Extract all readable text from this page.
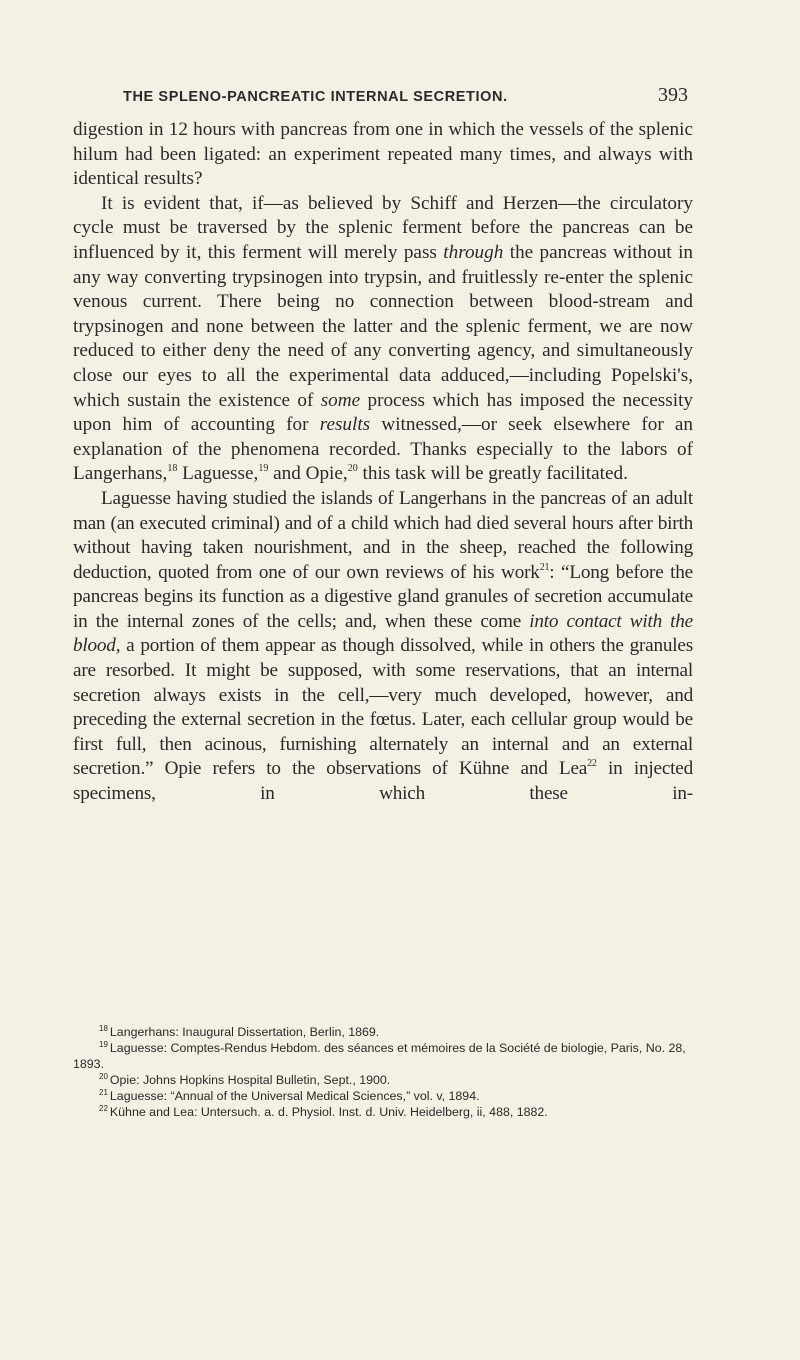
THE SPLENO-PANCREATIC INTERNAL SECRETION.	393

digestion in 12 hours with pancreas from one in which the vessels of the splenic hilum had been ligated: an experiment repeated many times, and always with identical results?

It is evident that, if—as believed by Schiff and Herzen—the circulatory cycle must be traversed by the splenic ferment before the pancreas can be influenced by it, this ferment will merely pass through the pancreas without in any way converting trypsinogen into trypsin, and fruitlessly re-enter the splenic venous current. There being no connection between blood-stream and trypsinogen and none between the latter and the splenic ferment, we are now reduced to either deny the need of any converting agency, and simultaneously close our eyes to all the experimental data adduced,—including Popelski's, which sustain the existence of some process which has imposed the necessity upon him of accounting for results witnessed,—or seek elsewhere for an explanation of the phenomena recorded. Thanks especially to the labors of Langerhans,$^{18}$ Laguesse,$^{19}$ and Opie,$^{20}$ this task will be greatly facilitated.

Laguesse having studied the islands of Langerhans in the pancreas of an adult man (an executed criminal) and of a child which had died several hours after birth without having taken nourishment, and in the sheep, reached the following deduction, quoted from one of our own reviews of his work$^{21}$: “Long before the pancreas begins its function as a digestive gland granules of secretion accumulate in the internal zones of the cells; and, when these come into contact with the blood, a portion of them appear as though dissolved, while in others the granules are resorbed. It might be supposed, with some reservations, that an internal secretion always exists in the cell,—very much developed, however, and preceding the external secretion in the fœtus. Later, each cellular group would be first full, then acinous, furnishing alternately an internal and an external secretion.” Opie refers to the observations of Kühne and Lea$^{22}$ in injected specimens, in which these in-

$^{18}$ Langerhans: Inaugural Dissertation, Berlin, 1869.

$^{19}$ Laguesse: Comptes-Rendus Hebdom. des séances et mémoires de la Société de biologie, Paris, No. 28, 1893.

$^{20}$ Opie: Johns Hopkins Hospital Bulletin, Sept., 1900.

$^{21}$ Laguesse: “Annual of the Universal Medical Sciences,” vol. v, 1894.

$^{22}$ Kühne and Lea: Untersuch. a. d. Physiol. Inst. d. Univ. Heidelberg, ii, 488, 1882.
